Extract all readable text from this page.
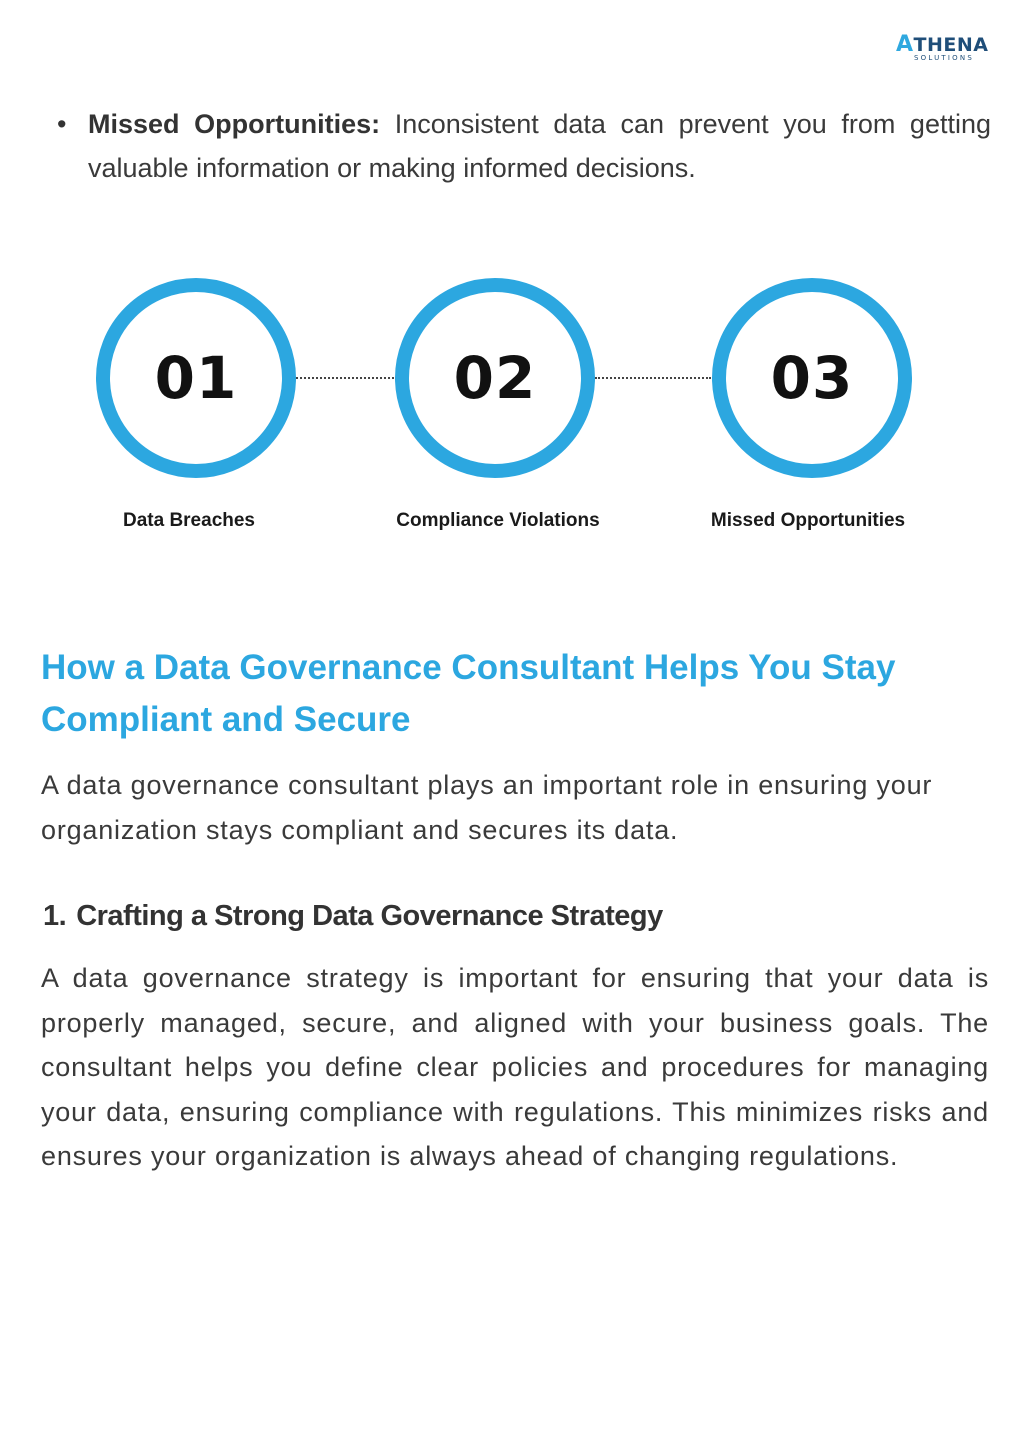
ATHENA
SOLUTIONS
• Missed Opportunities: Inconsistent data can prevent you from getting valuable information or making informed decisions.
01	02	03
Data Breaches	Compliance Violations	Missed Opportunities
How a Data Governance Consultant Helps You Stay Compliant and Secure

A data governance consultant plays an important role in ensuring your organization stays compliant and secures its data.

1. Crafting a Strong Data Governance Strategy

A data governance strategy is important for ensuring that your data is properly managed, secure, and aligned with your business goals. The consultant helps you define clear policies and procedures for managing your data, ensuring compliance with regulations. This minimizes risks and ensures your organization is always ahead of changing regulations.
